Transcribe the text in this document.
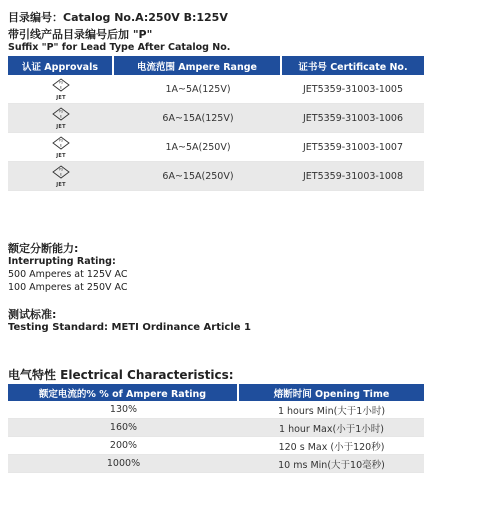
目录编号：Catalog No.A:250V B:125V
带引线产品目录编号后加 "P"
Suffix "P" for Lead Type After Catalog No.
认证 Approvals	电流范围 Ampere Range	证书号 Certificate No.

PS
E
JET	1A~5A(125V)	JET5359-31003-1005

PS
E
JET	6A~15A(125V)	JET5359-31003-1006

PS
E
JET	1A~5A(250V)	JET5359-31003-1007

PS
E
JET	6A~15A(250V)	JET5359-31003-1008
额定分断能力:
Interrupting Rating:
500 Amperes at 125V AC
100 Amperes at 250V AC
测试标准:
Testing Standard: METI Ordinance Article 1
电气特性 Electrical Characteristics:
额定电流的% % of Ampere Rating	熔断时间 Opening Time
130%	1 hours Min(大于1小时)
160%	1 hour Max(小于1小时)
200%	120 s Max (小于120秒)
1000%	10 ms Min(大于10毫秒)
